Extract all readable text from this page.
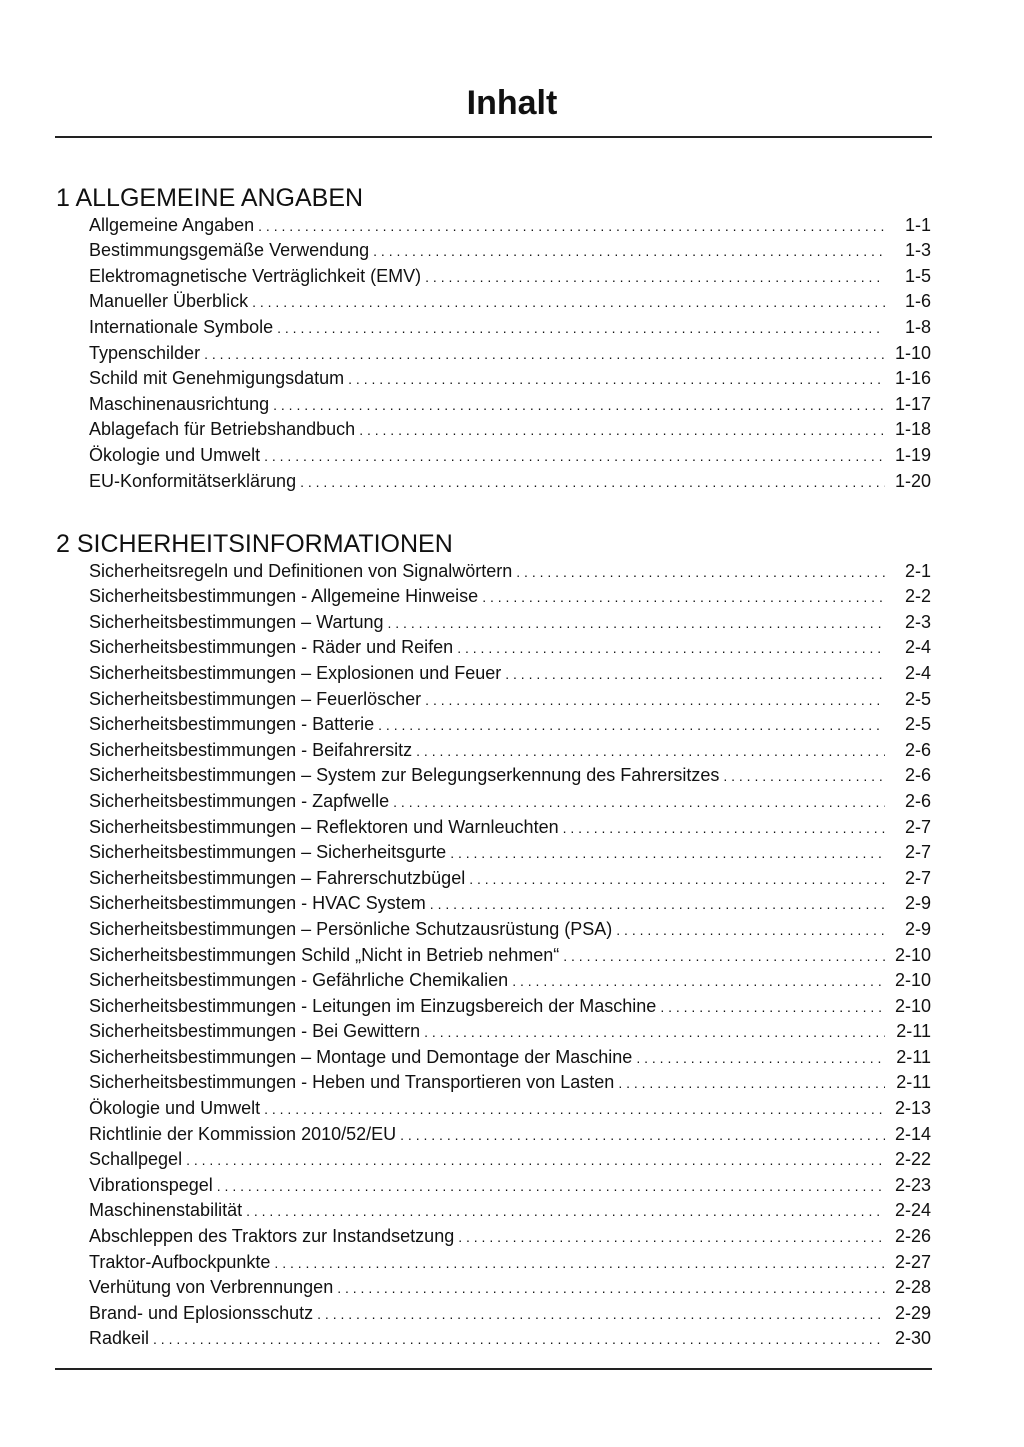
Inhalt
1 ALLGEMEINE ANGABEN
Allgemeine Angaben . . .	1-1
Bestimmungsgemäße Verwendung . . .	1-3
Elektromagnetische Verträglichkeit (EMV) . . .	1-5
Manueller Überblick . . .	1-6
Internationale Symbole . . .	1-8
Typenschilder . . .	1-10
Schild mit Genehmigungsdatum . . .	1-16
Maschinenausrichtung . . .	1-17
Ablagefach für Betriebshandbuch . . .	1-18
Ökologie und Umwelt . . .	1-19
EU-Konformitätserklärung . . .	1-20
2 SICHERHEITSINFORMATIONEN
Sicherheitsregeln und Definitionen von Signalwörtern . . .	2-1
Sicherheitsbestimmungen - Allgemeine Hinweise . . .	2-2
Sicherheitsbestimmungen – Wartung . . .	2-3
Sicherheitsbestimmungen - Räder und Reifen . . .	2-4
Sicherheitsbestimmungen – Explosionen und Feuer . . .	2-4
Sicherheitsbestimmungen – Feuerlöscher . . .	2-5
Sicherheitsbestimmungen - Batterie . . .	2-5
Sicherheitsbestimmungen - Beifahrersitz . . .	2-6
Sicherheitsbestimmungen – System zur Belegungserkennung des Fahrersitzes . . .	2-6
Sicherheitsbestimmungen - Zapfwelle . . .	2-6
Sicherheitsbestimmungen – Reflektoren und Warnleuchten . . .	2-7
Sicherheitsbestimmungen – Sicherheitsgurte . . .	2-7
Sicherheitsbestimmungen – Fahrerschutzbügel . . .	2-7
Sicherheitsbestimmungen - HVAC System . . .	2-9
Sicherheitsbestimmungen – Persönliche Schutzausrüstung (PSA) . . .	2-9
Sicherheitsbestimmungen Schild „Nicht in Betrieb nehmen“ . . .	2-10
Sicherheitsbestimmungen - Gefährliche Chemikalien . . .	2-10
Sicherheitsbestimmungen - Leitungen im Einzugsbereich der Maschine . . .	2-10
Sicherheitsbestimmungen - Bei Gewittern . . .	2-11
Sicherheitsbestimmungen – Montage und Demontage der Maschine . . .	2-11
Sicherheitsbestimmungen - Heben und Transportieren von Lasten . . .	2-11
Ökologie und Umwelt . . .	2-13
Richtlinie der Kommission 2010/52/EU . . .	2-14
Schallpegel . . .	2-22
Vibrationspegel . . .	2-23
Maschinenstabilität . . .	2-24
Abschleppen des Traktors zur Instandsetzung . . .	2-26
Traktor-Aufbockpunkte . . .	2-27
Verhütung von Verbrennungen . . .	2-28
Brand- und Eplosionsschutz . . .	2-29
Radkeil . . .	2-30
